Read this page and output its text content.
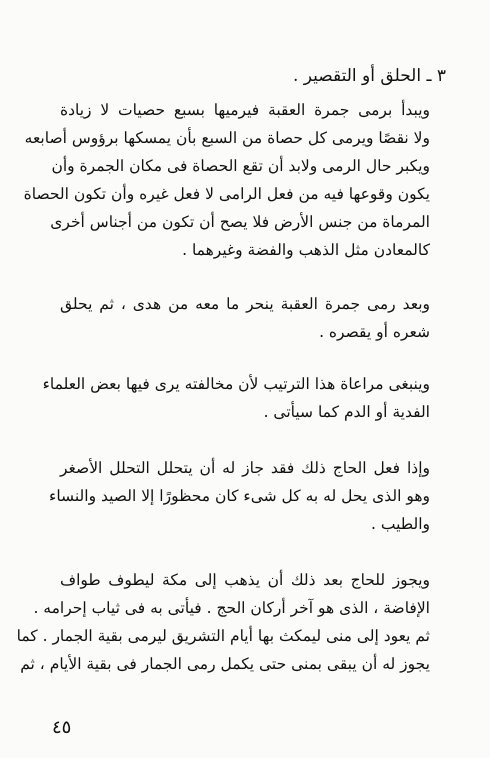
٣ ـ الحلق أو التقصير .
ويبدأ برمى جمرة العقبة فيرميها بسبع حصيات لا زيادة
ولا نقصًا ويرمى كل حصاة من السبع بأن يمسكها برؤوس أصابعه
ويكبر حال الرمى ولابد أن تقع الحصاة فى مكان الجمرة وأن
يكون وقوعها فيه من فعل الرامى لا فعل غيره وأن تكون الحصاة
المرماة من جنس الأرض فلا يصح أن تكون من أجناس أخرى
كالمعادن مثل الذهب والفضة وغيرهما .
وبعد رمى جمرة العقبة ينحر ما معه من هدى ، ثم يحلق
شعره أو يقصره .
وينبغى مراعاة هذا الترتيب لأن مخالفته يرى فيها بعض العلماء
الفدية أو الدم كما سيأتى .
وإذا فعل الحاج ذلك فقد جاز له أن يتحلل التحلل الأصغر
وهو الذى يحل له به كل شىء كان محظورًا إلا الصيد والنساء
والطيب .
ويجوز للحاج بعد ذلك أن يذهب إلى مكة ليطوف طواف
الإفاضة ، الذى هو آخر أركان الحج . فيأتى به فى ثياب إحرامه .
ثم يعود إلى منى ليمكث بها أيام التشريق ليرمى بقية الجمار . كما
يجوز له أن يبقى بمنى حتى يكمل رمى الجمار فى بقية الأيام ، ثم
٤٥
